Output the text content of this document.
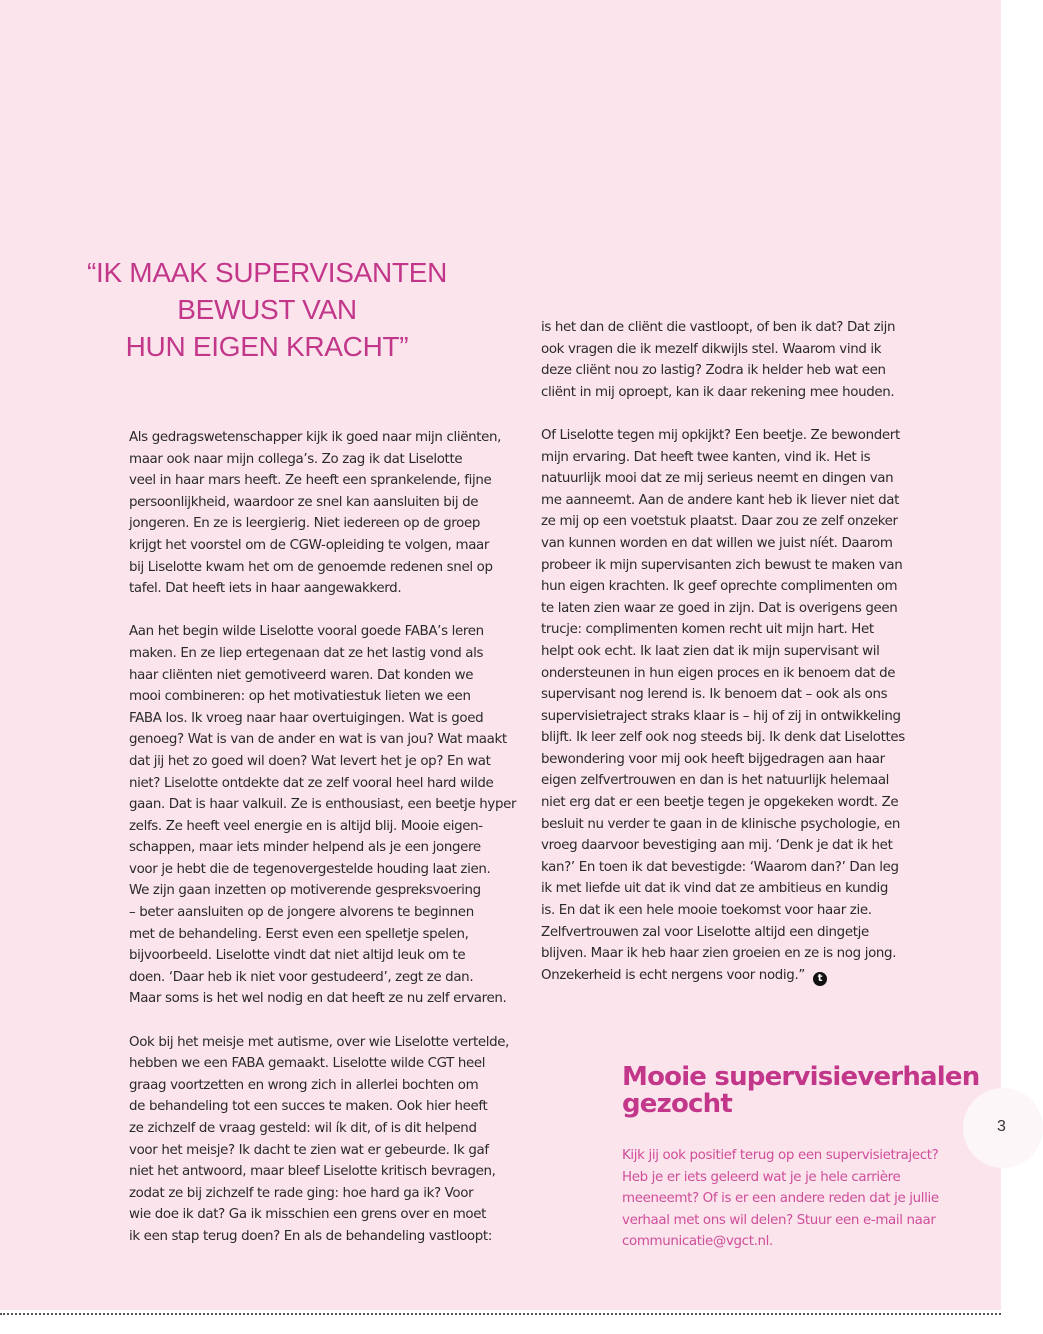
“IK MAAK SUPERVISANTEN
BEWUST VAN
HUN EIGEN KRACHT”

Als gedragswetenschapper kijk ik goed naar mijn cliënten,
maar ook naar mijn collega’s. Zo zag ik dat Liselotte
veel in haar mars heeft. Ze heeft een sprankelende, fijne
persoonlijkheid, waardoor ze snel kan aansluiten bij de
jongeren. En ze is leergierig. Niet iedereen op de groep
krijgt het voorstel om de CGW-opleiding te volgen, maar
bij Liselotte kwam het om de genoemde redenen snel op
tafel. Dat heeft iets in haar aangewakkerd.

Aan het begin wilde Liselotte vooral goede FABA’s leren
maken. En ze liep ertegenaan dat ze het lastig vond als
haar cliënten niet gemotiveerd waren. Dat konden we
mooi combineren: op het motivatiestuk lieten we een
FABA los. Ik vroeg naar haar overtuigingen. Wat is goed
genoeg? Wat is van de ander en wat is van jou? Wat maakt
dat jij het zo goed wil doen? Wat levert het je op? En wat
niet? Liselotte ontdekte dat ze zelf vooral heel hard wilde
gaan. Dat is haar valkuil. Ze is enthousiast, een beetje hyper
zelfs. Ze heeft veel energie en is altijd blij. Mooie eigen-
schappen, maar iets minder helpend als je een jongere
voor je hebt die de tegenovergestelde houding laat zien.
We zijn gaan inzetten op motiverende gespreksvoering
– beter aansluiten op de jongere alvorens te beginnen
met de behandeling. Eerst even een spelletje spelen,
bijvoorbeeld. Liselotte vindt dat niet altijd leuk om te
doen. ‘Daar heb ik niet voor gestudeerd’, zegt ze dan.
Maar soms is het wel nodig en dat heeft ze nu zelf ervaren.

Ook bij het meisje met autisme, over wie Liselotte vertelde,
hebben we een FABA gemaakt. Liselotte wilde CGT heel
graag voortzetten en wrong zich in allerlei bochten om
de behandeling tot een succes te maken. Ook hier heeft
ze zichzelf de vraag gesteld: wil ík dit, of is dit helpend
voor het meisje? Ik dacht te zien wat er gebeurde. Ik gaf
niet het antwoord, maar bleef Liselotte kritisch bevragen,
zodat ze bij zichzelf te rade ging: hoe hard ga ik? Voor
wie doe ik dat? Ga ik misschien een grens over en moet
ik een stap terug doen? En als de behandeling vastloopt:

is het dan de cliënt die vastloopt, of ben ik dat? Dat zijn
ook vragen die ik mezelf dikwijls stel. Waarom vind ik
deze cliënt nou zo lastig? Zodra ik helder heb wat een
cliënt in mij oproept, kan ik daar rekening mee houden.

Of Liselotte tegen mij opkijkt? Een beetje. Ze bewondert
mijn ervaring. Dat heeft twee kanten, vind ik. Het is
natuurlijk mooi dat ze mij serieus neemt en dingen van
me aanneemt. Aan de andere kant heb ik liever niet dat
ze mij op een voetstuk plaatst. Daar zou ze zelf onzeker
van kunnen worden en dat willen we juist níét. Daarom
probeer ik mijn supervisanten zich bewust te maken van
hun eigen krachten. Ik geef oprechte complimenten om
te laten zien waar ze goed in zijn. Dat is overigens geen
trucje: complimenten komen recht uit mijn hart. Het
helpt ook echt. Ik laat zien dat ik mijn supervisant wil
ondersteunen in hun eigen proces en ik benoem dat de
supervisant nog lerend is. Ik benoem dat – ook als ons
supervisietraject straks klaar is – hij of zij in ontwikkeling
blijft. Ik leer zelf ook nog steeds bij. Ik denk dat Liselottes
bewondering voor mij ook heeft bijgedragen aan haar
eigen zelfvertrouwen en dan is het natuurlijk helemaal
niet erg dat er een beetje tegen je opgekeken wordt. Ze
besluit nu verder te gaan in de klinische psychologie, en
vroeg daarvoor bevestiging aan mij. ‘Denk je dat ik het
kan?’ En toen ik dat bevestigde: ‘Waarom dan?’ Dan leg
ik met liefde uit dat ik vind dat ze ambitieus en kundig
is. En dat ik een hele mooie toekomst voor haar zie.
Zelfvertrouwen zal voor Liselotte altijd een dingetje
blijven. Maar ik heb haar zien groeien en ze is nog jong.
Onzekerheid is echt nergens voor nodig.” t

Mooie supervisieverhalen
gezocht
Kijk jij ook positief terug op een supervisietraject?
Heb je er iets geleerd wat je je hele carrière
meeneemt? Of is er een andere reden dat je jullie
verhaal met ons wil delen? Stuur een e-mail naar
communicatie@vgct.nl.
3
